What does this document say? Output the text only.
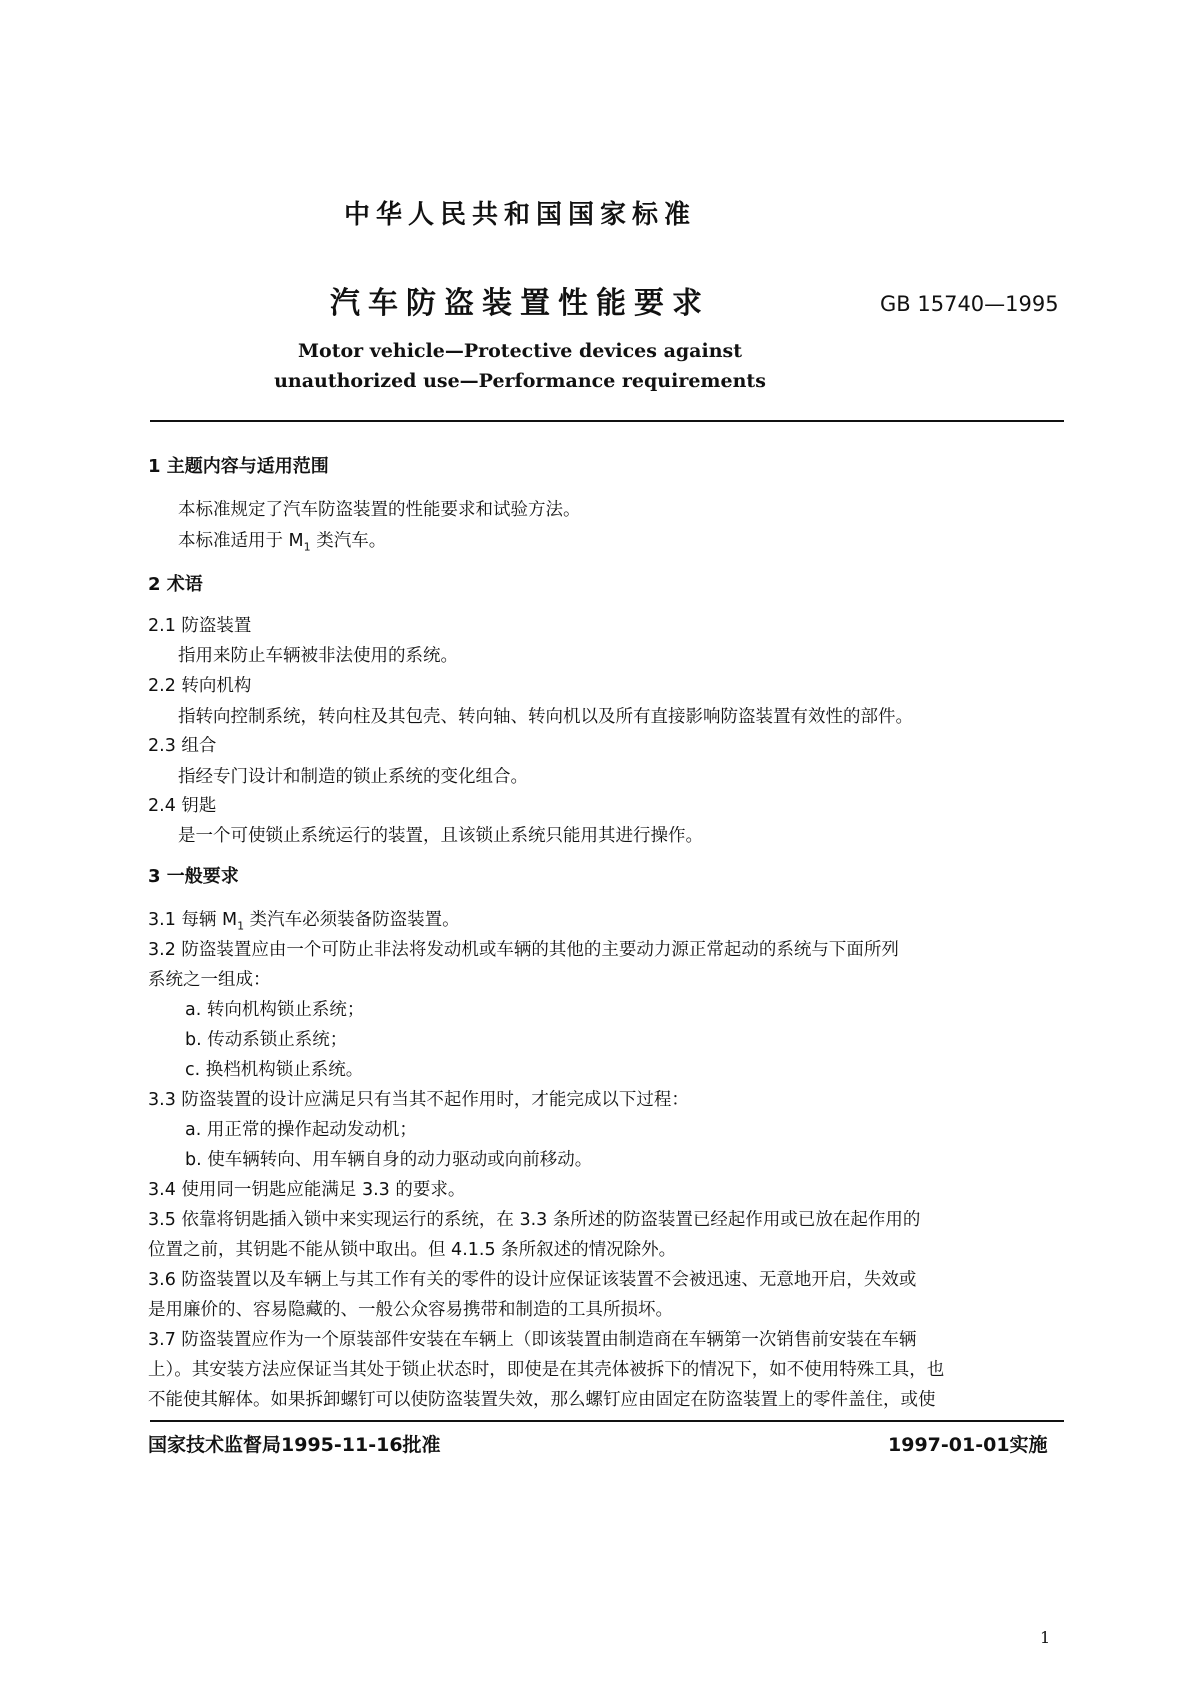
中华人民共和国国家标准
汽车防盗装置性能要求	GB 15740—1995
Motor vehicle—Protective devices against
unauthorized use—Performance requirements
1 主题内容与适用范围
本标准规定了汽车防盗装置的性能要求和试验方法。
本标准适用于 $M_1$ 类汽车。
2 术语
2.1 防盗装置
指用来防止车辆被非法使用的系统。
2.2 转向机构
指转向控制系统，转向柱及其包壳、转向轴、转向机以及所有直接影响防盗装置有效性的部件。
2.3 组合
指经专门设计和制造的锁止系统的变化组合。
2.4 钥匙
是一个可使锁止系统运行的装置，且该锁止系统只能用其进行操作。
3 一般要求
3.1 每辆 $M_1$ 类汽车必须装备防盗装置。
3.2 防盗装置应由一个可防止非法将发动机或车辆的其他的主要动力源正常起动的系统与下面所列
系统之一组成：
a. 转向机构锁止系统；
b. 传动系锁止系统；
c. 换档机构锁止系统。
3.3 防盗装置的设计应满足只有当其不起作用时，才能完成以下过程：
a. 用正常的操作起动发动机；
b. 使车辆转向、用车辆自身的动力驱动或向前移动。
3.4 使用同一钥匙应能满足 3.3 的要求。
3.5 依靠将钥匙插入锁中来实现运行的系统，在 3.3 条所述的防盗装置已经起作用或已放在起作用的
位置之前，其钥匙不能从锁中取出。但 4.1.5 条所叙述的情况除外。
3.6 防盗装置以及车辆上与其工作有关的零件的设计应保证该装置不会被迅速、无意地开启，失效或
是用廉价的、容易隐藏的、一般公众容易携带和制造的工具所损坏。
3.7 防盗装置应作为一个原装部件安装在车辆上（即该装置由制造商在车辆第一次销售前安装在车辆
上）。其安装方法应保证当其处于锁止状态时，即使是在其壳体被拆下的情况下，如不使用特殊工具，也
不能使其解体。如果拆卸螺钉可以使防盗装置失效，那么螺钉应由固定在防盗装置上的零件盖住，或使
国家技术监督局1995-11-16批准	1997-01-01实施
1
